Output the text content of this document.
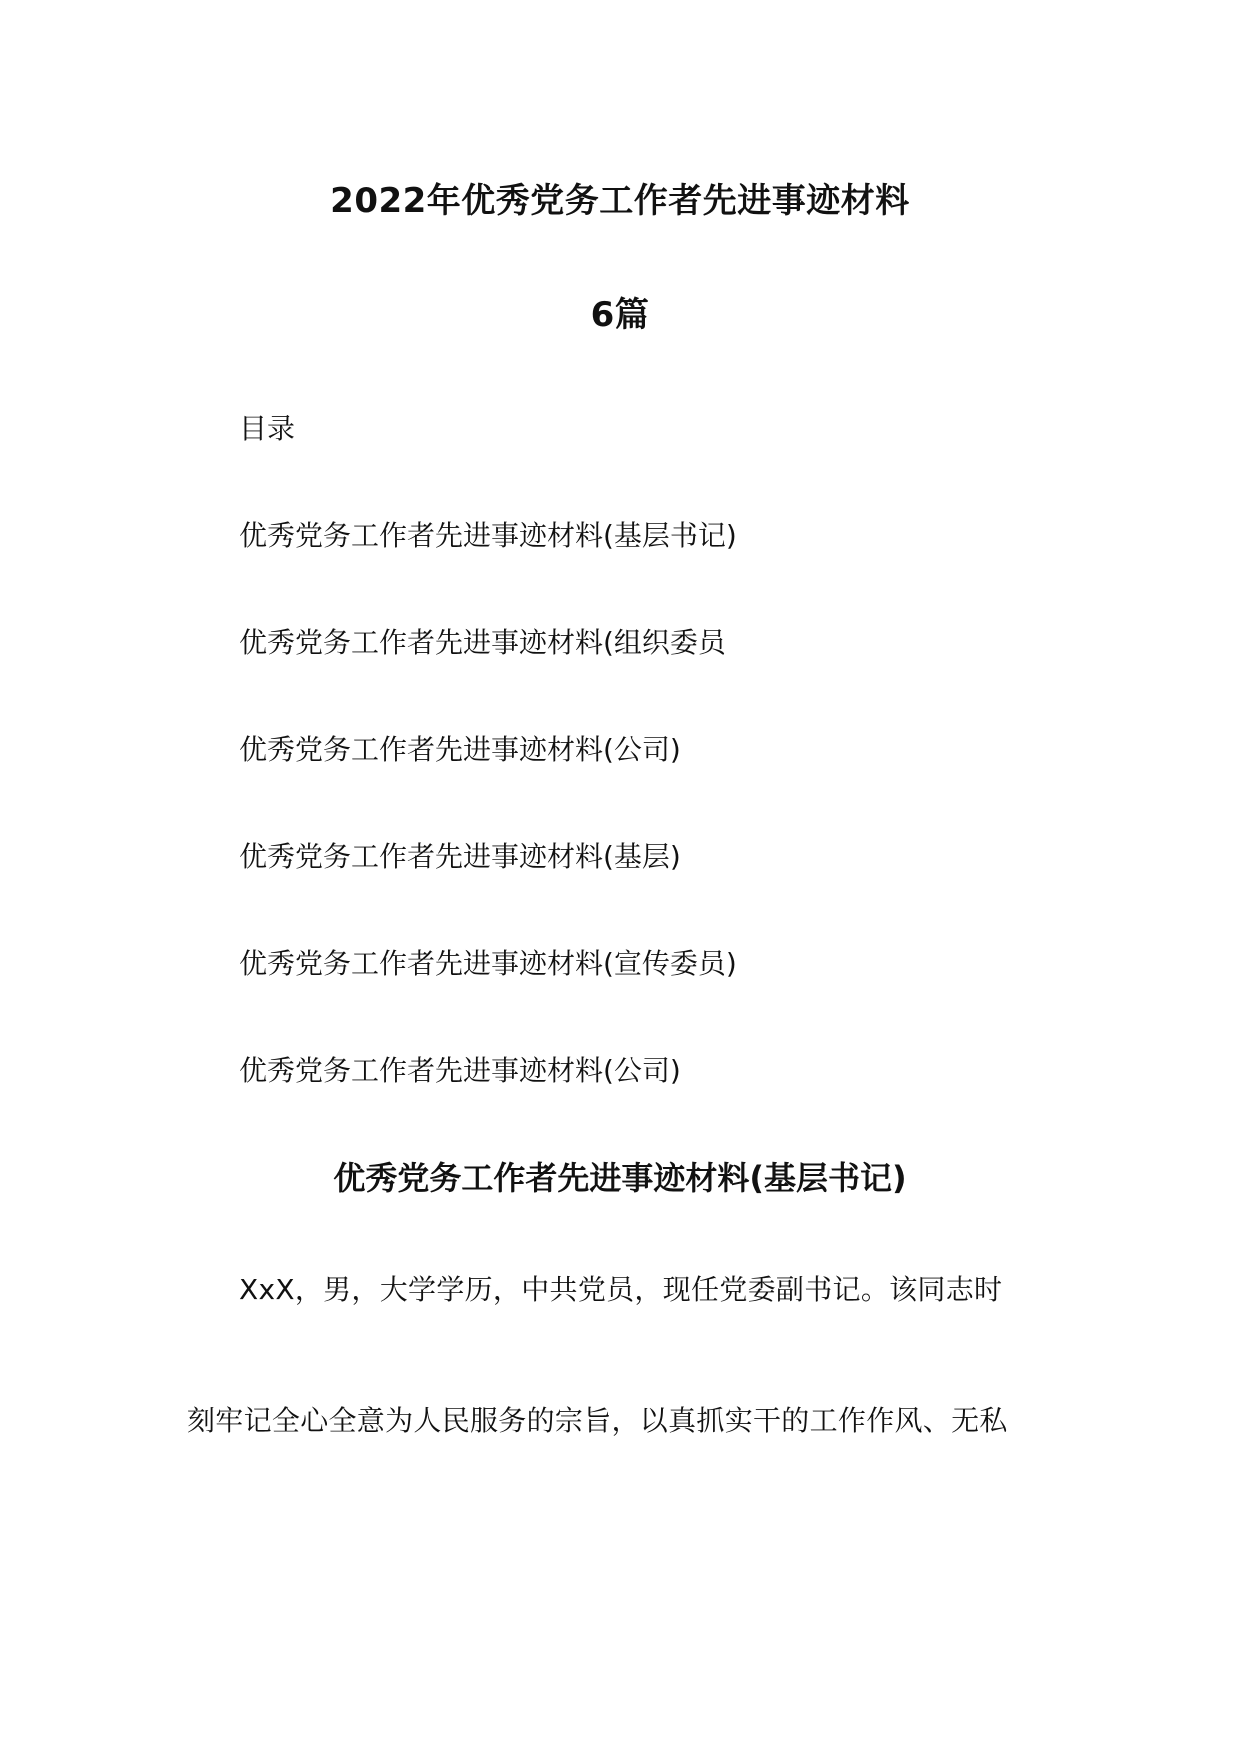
2022年优秀党务工作者先进事迹材料
6篇
目录
优秀党务工作者先进事迹材料(基层书记)
优秀党务工作者先进事迹材料(组织委员
优秀党务工作者先进事迹材料(公司)
优秀党务工作者先进事迹材料(基层)
优秀党务工作者先进事迹材料(宣传委员)
优秀党务工作者先进事迹材料(公司)
优秀党务工作者先进事迹材料(基层书记)

XxX，男，大学学历，中共党员，现任党委副书记。该同志时

刻牢记全心全意为人民服务的宗旨，以真抓实干的工作作风、无私
